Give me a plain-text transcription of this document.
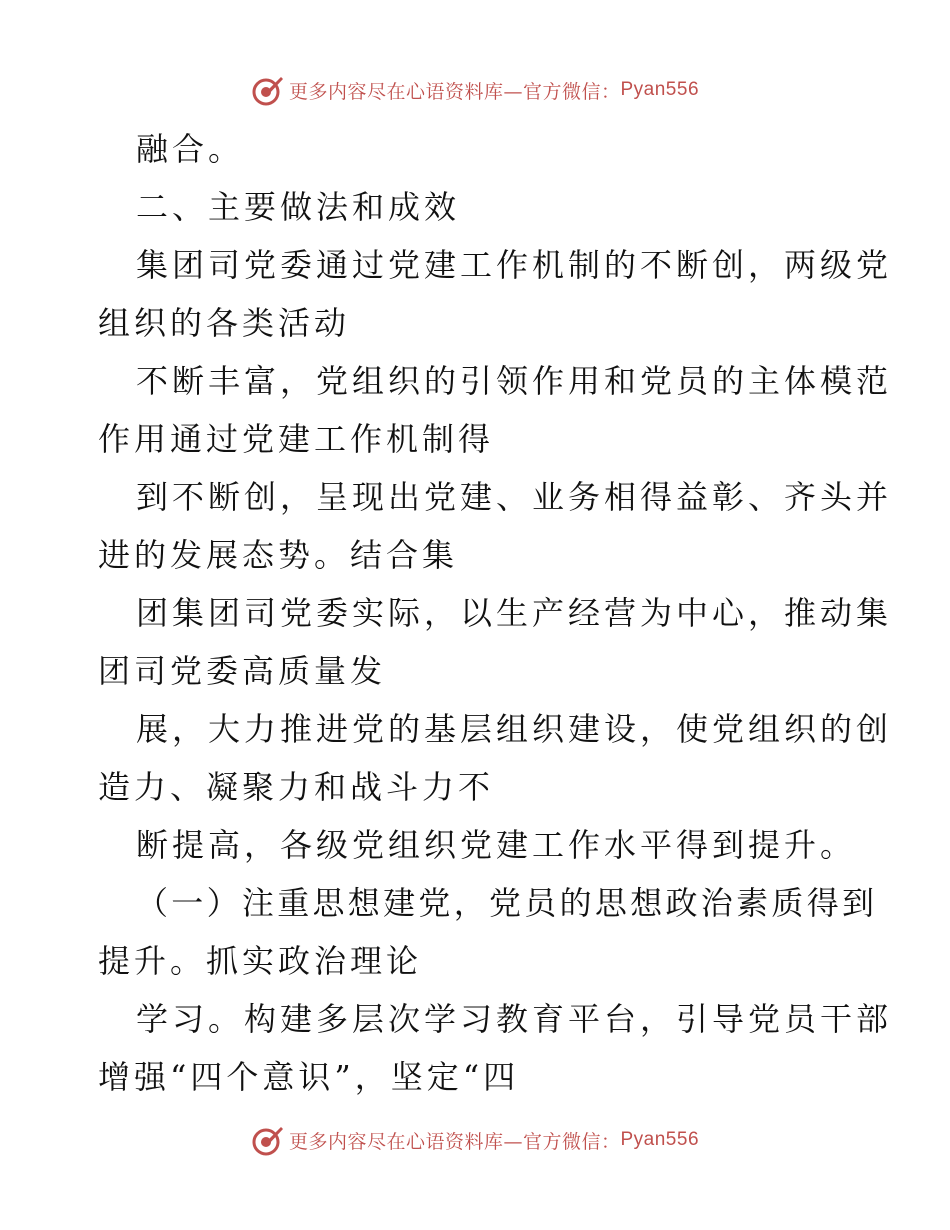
更多内容尽在心语资料库—官方微信： Pyan556
融合。
二、主要做法和成效
集团司党委通过党建工作机制的不断创，两级党
组织的各类活动
不断丰富，党组织的引领作用和党员的主体模范
作用通过党建工作机制得
到不断创，呈现出党建、业务相得益彰、齐头并
进的发展态势。结合集
团集团司党委实际，以生产经营为中心，推动集
团司党委高质量发
展，大力推进党的基层组织建设，使党组织的创
造力、凝聚力和战斗力不
断提高，各级党组织党建工作水平得到提升。
（一）注重思想建党，党员的思想政治素质得到
提升。抓实政治理论
学习。构建多层次学习教育平台，引导党员干部
增强“四个意识”，坚定“四
更多内容尽在心语资料库—官方微信： Pyan556
